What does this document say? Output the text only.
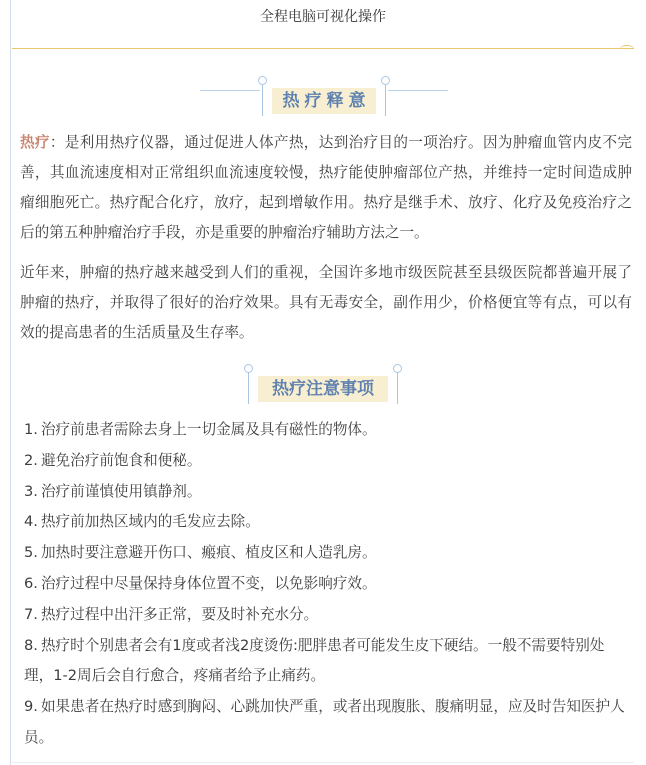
全程电脑可视化操作
热疗释意
热疗：是利用热疗仪器，通过促进人体产热，达到治疗目的一项治疗。因为肿瘤血管内皮不完善，其血流速度相对正常组织血流速度较慢，热疗能使肿瘤部位产热，并维持一定时间造成肿瘤细胞死亡。热疗配合化疗，放疗，起到增敏作用。热疗是继手术、放疗、化疗及免疫治疗之后的第五种肿瘤治疗手段，亦是重要的肿瘤治疗辅助方法之一。
近年来，肿瘤的热疗越来越受到人们的重视，全国许多地市级医院甚至县级医院都普遍开展了肿瘤的热疗，并取得了很好的治疗效果。具有无毒安全，副作用少，价格便宜等有点，可以有效的提高患者的生活质量及生存率。
热疗注意事项
1. 治疗前患者需除去身上一切金属及具有磁性的物体。
2. 避免治疗前饱食和便秘。
3. 治疗前谨慎使用镇静剂。
4. 热疗前加热区域内的毛发应去除。
5. 加热时要注意避开伤口、瘢痕、植皮区和人造乳房。
6. 治疗过程中尽量保持身体位置不变，以免影响疗效。
7. 热疗过程中出汗多正常，要及时补充水分。
8. 热疗时个别患者会有1度或者浅2度烫伤:肥胖患者可能发生皮下硬结。一般不需要特别处理，1-2周后会自行愈合，疼痛者给予止痛药。
9. 如果患者在热疗时感到胸闷、心跳加快严重，或者出现腹胀、腹痛明显，应及时告知医护人员。
